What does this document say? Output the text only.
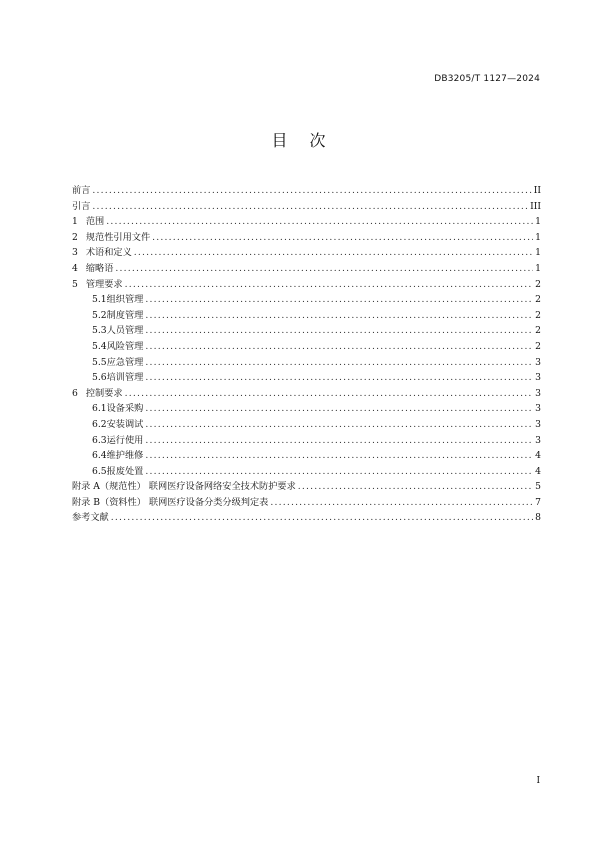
DB3205/T 1127—2024
目次
前言 .....	II
引言 .....	III
1 范围 .....	1
2 规范性引用文件 .....	1
3 术语和定义 .....	1
4 缩略语 .....	1
5 管理要求 .....	2
5.1 组织管理 .....	2
5.2 制度管理 .....	2
5.3 人员管理 .....	2
5.4 风险管理 .....	2
5.5 应急管理 .....	3
5.6 培训管理 .....	3
6 控制要求 .....	3
6.1 设备采购 .....	3
6.2 安装调试 .....	3
6.3 运行使用 .....	3
6.4 维护维修 .....	4
6.5 报废处置 .....	4
附录 A（规范性） 联网医疗设备网络安全技术防护要求 .....	5
附录 B（资料性） 联网医疗设备分类分级判定表 .....	7
参考文献 .....	8
I
